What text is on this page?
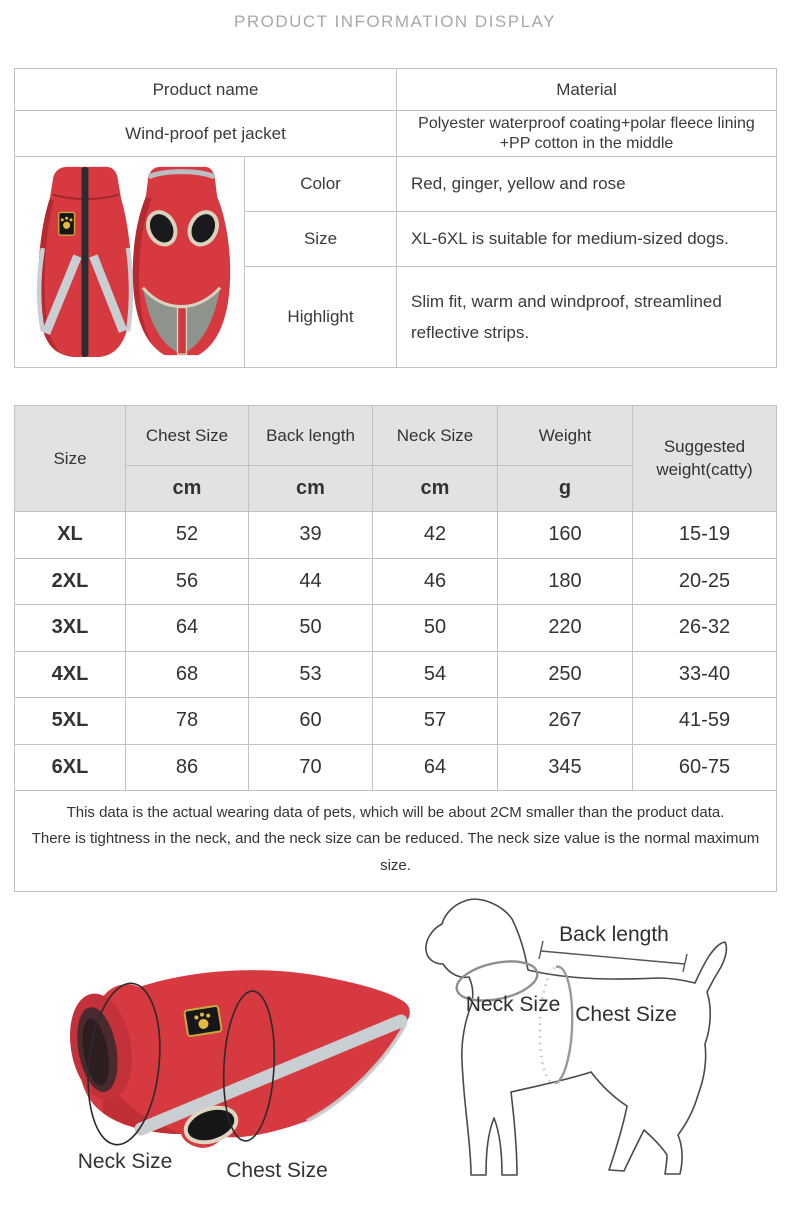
PRODUCT INFORMATION DISPLAY
Product name		Material
Wind-proof pet jacket		Polyester waterproof coating+polar fleece lining +PP cotton in the middle
	Color	Red, ginger, yellow and rose
	Size	XL-6XL is suitable for medium-sized dogs.
	Highlight	Slim fit, warm and windproof, streamlined reflective strips.
Size	Chest Size	Back length	Neck Size	Weight	Suggested weight(catty)
	cm	cm	cm	g	
XL	52	39	42	160	15-19
2XL	56	44	46	180	20-25
3XL	64	50	50	220	26-32
4XL	68	53	54	250	33-40
5XL	78	60	57	267	41-59
6XL	86	70	64	345	60-75

This data is the actual wearing data of pets, which will be about 2CM smaller than the product data.
There is tightness in the neck, and the neck size can be reduced. The neck size value is the normal maximum size.					
Neck Size	Chest Size
Back length
Neck Size Chest Size
